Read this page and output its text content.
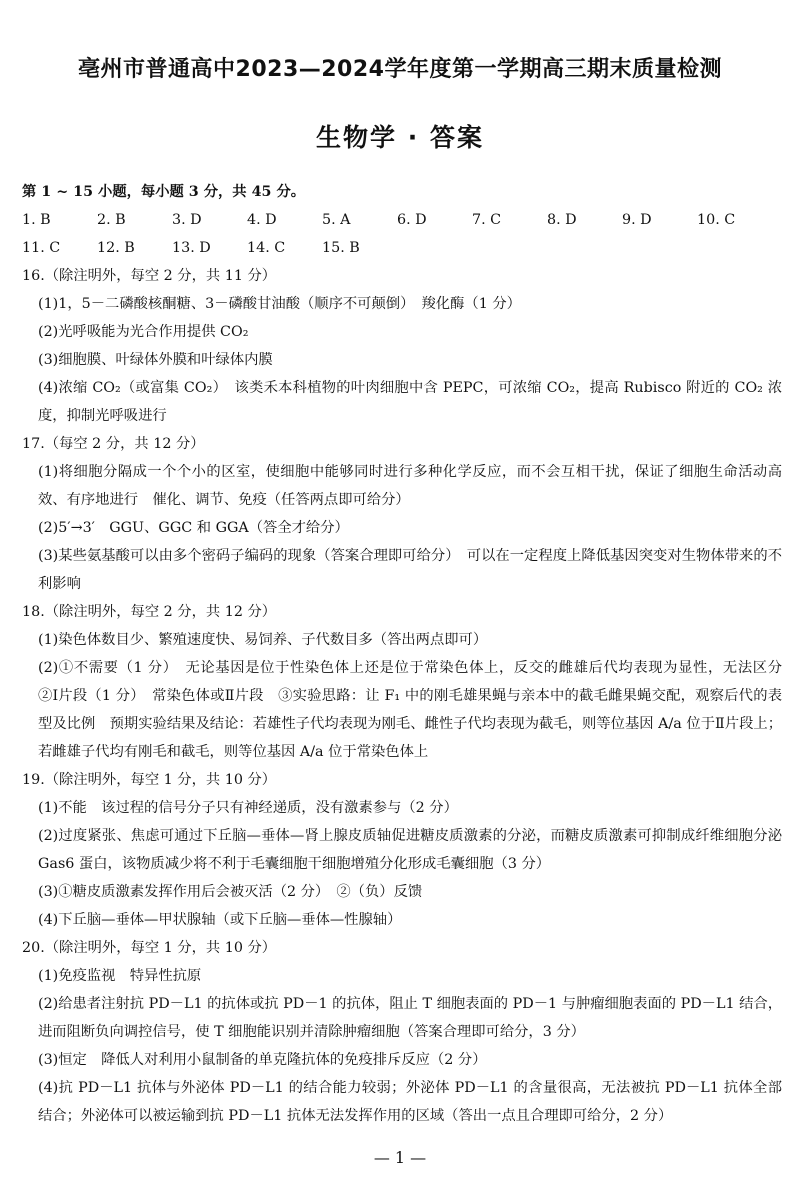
亳州市普通高中2023—2024学年度第一学期高三期末质量检测
生物学 · 答案
第 1 ~ 15 小题，每小题 3 分，共 45 分。
1. B	2. B	3. D	4. D	5. A	6. D	7. C	8. D	9. D	10. C
11. C	12. B	13. D	14. C	15. B
16.（除注明外，每空 2 分，共 11 分）
(1)1，5－二磷酸核酮糖、3－磷酸甘油酸（顺序不可颠倒）　羧化酶（1 分）
(2)光呼吸能为光合作用提供 CO₂
(3)细胞膜、叶绿体外膜和叶绿体内膜
(4)浓缩 CO₂（或富集 CO₂）　该类禾本科植物的叶肉细胞中含 PEPC，可浓缩 CO₂，提高 Rubisco 附近的 CO₂ 浓度，抑制光呼吸进行
17.（每空 2 分，共 12 分）
(1)将细胞分隔成一个个小的区室，使细胞中能够同时进行多种化学反应，而不会互相干扰，保证了细胞生命活动高效、有序地进行　催化、调节、免疫（任答两点即可给分）
(2)5′→3′　GGU、GGC 和 GGA（答全才给分）
(3)某些氨基酸可以由多个密码子编码的现象（答案合理即可给分）　可以在一定程度上降低基因突变对生物体带来的不利影响
18.（除注明外，每空 2 分，共 12 分）
(1)染色体数目少、繁殖速度快、易饲养、子代数目多（答出两点即可）
(2)①不需要（1 分）　无论基因是位于性染色体上还是位于常染色体上，反交的雌雄后代均表现为显性，无法区分　②Ⅰ片段（1 分）　常染色体或Ⅱ片段　③实验思路：让 F₁ 中的刚毛雄果蝇与亲本中的截毛雌果蝇交配，观察后代的表型及比例　预期实验结果及结论：若雄性子代均表现为刚毛、雌性子代均表现为截毛，则等位基因 A/a 位于Ⅱ片段上；若雌雄子代均有刚毛和截毛，则等位基因 A/a 位于常染色体上
19.（除注明外，每空 1 分，共 10 分）
(1)不能　该过程的信号分子只有神经递质，没有激素参与（2 分）
(2)过度紧张、焦虑可通过下丘脑—垂体—肾上腺皮质轴促进糖皮质激素的分泌，而糖皮质激素可抑制成纤维细胞分泌 Gas6 蛋白，该物质减少将不利于毛囊细胞干细胞增殖分化形成毛囊细胞（3 分）
(3)①糖皮质激素发挥作用后会被灭活（2 分）　②（负）反馈
(4)下丘脑—垂体—甲状腺轴（或下丘脑—垂体—性腺轴）
20.（除注明外，每空 1 分，共 10 分）
(1)免疫监视　特异性抗原
(2)给患者注射抗 PD－L1 的抗体或抗 PD－1 的抗体，阻止 T 细胞表面的 PD－1 与肿瘤细胞表面的 PD－L1 结合，进而阻断负向调控信号，使 T 细胞能识别并清除肿瘤细胞（答案合理即可给分，3 分）
(3)恒定　降低人对利用小鼠制备的单克隆抗体的免疫排斥反应（2 分）
(4)抗 PD－L1 抗体与外泌体 PD－L1 的结合能力较弱；外泌体 PD－L1 的含量很高，无法被抗 PD－L1 抗体全部结合；外泌体可以被运输到抗 PD－L1 抗体无法发挥作用的区域（答出一点且合理即可给分，2 分）
— 1 —
